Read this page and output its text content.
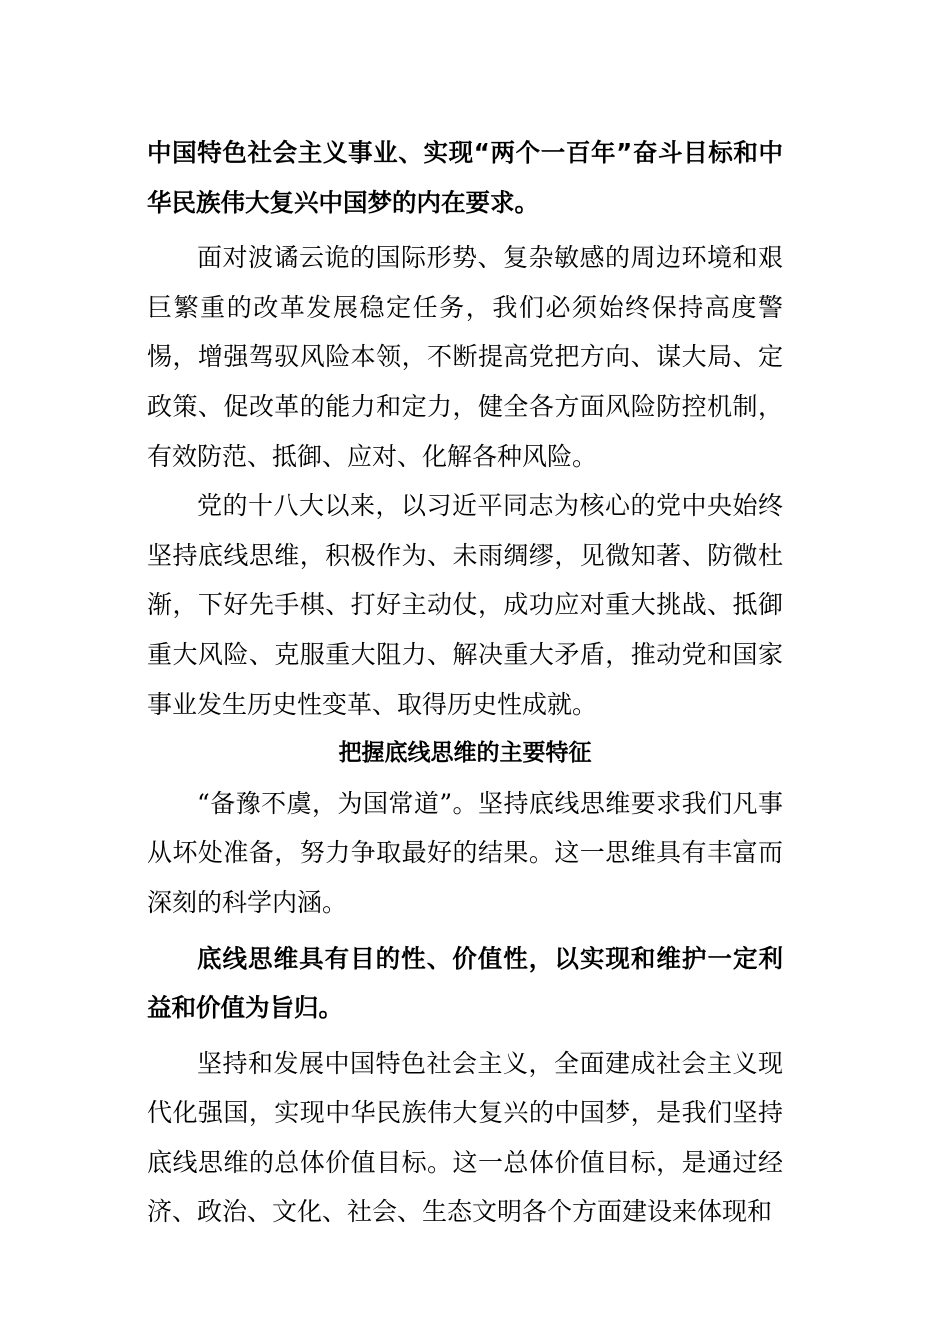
中国特色社会主义事业、实现“两个一百年”奋斗目标和中华民族伟大复兴中国梦的内在要求。

面对波谲云诡的国际形势、复杂敏感的周边环境和艰巨繁重的改革发展稳定任务，我们必须始终保持高度警惕，增强驾驭风险本领，不断提高党把方向、谋大局、定政策、促改革的能力和定力，健全各方面风险防控机制，有效防范、抵御、应对、化解各种风险。

党的十八大以来，以习近平同志为核心的党中央始终坚持底线思维，积极作为、未雨绸缪，见微知著、防微杜渐，下好先手棋、打好主动仗，成功应对重大挑战、抵御重大风险、克服重大阻力、解决重大矛盾，推动党和国家事业发生历史性变革、取得历史性成就。

把握底线思维的主要特征

“备豫不虞，为国常道”。坚持底线思维要求我们凡事从坏处准备，努力争取最好的结果。这一思维具有丰富而深刻的科学内涵。

底线思维具有目的性、价值性，以实现和维护一定利益和价值为旨归。

坚持和发展中国特色社会主义，全面建成社会主义现代化强国，实现中华民族伟大复兴的中国梦，是我们坚持底线思维的总体价值目标。这一总体价值目标，是通过经济、政治、文化、社会、生态文明各个方面建设来体现和
